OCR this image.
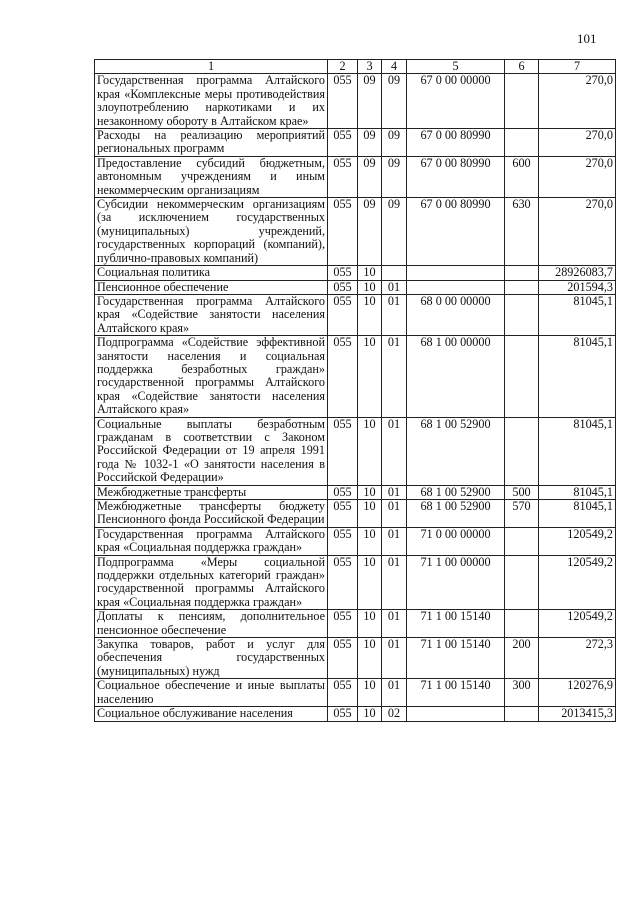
101
1	2	3	4	5	6	7
Государственная программа Алтайского края «Комплексные меры противодействия злоупотреблению наркотиками и их незаконному обороту в Алтайском крае»	055	09	09	67 0 00 00000		270,0
Расходы на реализацию мероприятий региональных программ	055	09	09	67 0 00 80990		270,0
Предоставление субсидий бюджетным, автономным учреждениям и иным некоммерческим организациям	055	09	09	67 0 00 80990	600	270,0
Субсидии некоммерческим организациям (за исключением государственных (муниципальных) учреждений, государственных корпораций (компаний), публично-правовых компаний)	055	09	09	67 0 00 80990	630	270,0
Социальная политика	055	10				28926083,7
Пенсионное обеспечение	055	10	01			201594,3
Государственная программа Алтайского края «Содействие занятости населения Алтайского края»	055	10	01	68 0 00 00000		81045,1
Подпрограмма «Содействие эффективной занятости населения и социальная поддержка безработных граждан» государственной программы Алтайского края «Содействие занятости населения Алтайского края»	055	10	01	68 1 00 00000		81045,1
Социальные выплаты безработным гражданам в соответствии с Законом Российской Федерации от 19 апреля 1991 года № 1032-1 «О занятости населения в Российской Федерации»	055	10	01	68 1 00 52900		81045,1
Межбюджетные трансферты	055	10	01	68 1 00 52900	500	81045,1
Межбюджетные трансферты бюджету Пенсионного фонда Российской Федерации	055	10	01	68 1 00 52900	570	81045,1
Государственная программа Алтайского края «Социальная поддержка граждан»	055	10	01	71 0 00 00000		120549,2
Подпрограмма «Меры социальной поддержки отдельных категорий граждан» государственной программы Алтайского края «Социальная поддержка граждан»	055	10	01	71 1 00 00000		120549,2
Доплаты к пенсиям, дополнительное пенсионное обеспечение	055	10	01	71 1 00 15140		120549,2
Закупка товаров, работ и услуг для обеспечения государственных (муниципальных) нужд	055	10	01	71 1 00 15140	200	272,3
Социальное обеспечение и иные выплаты населению	055	10	01	71 1 00 15140	300	120276,9
Социальное обслуживание населения	055	10	02			2013415,3
